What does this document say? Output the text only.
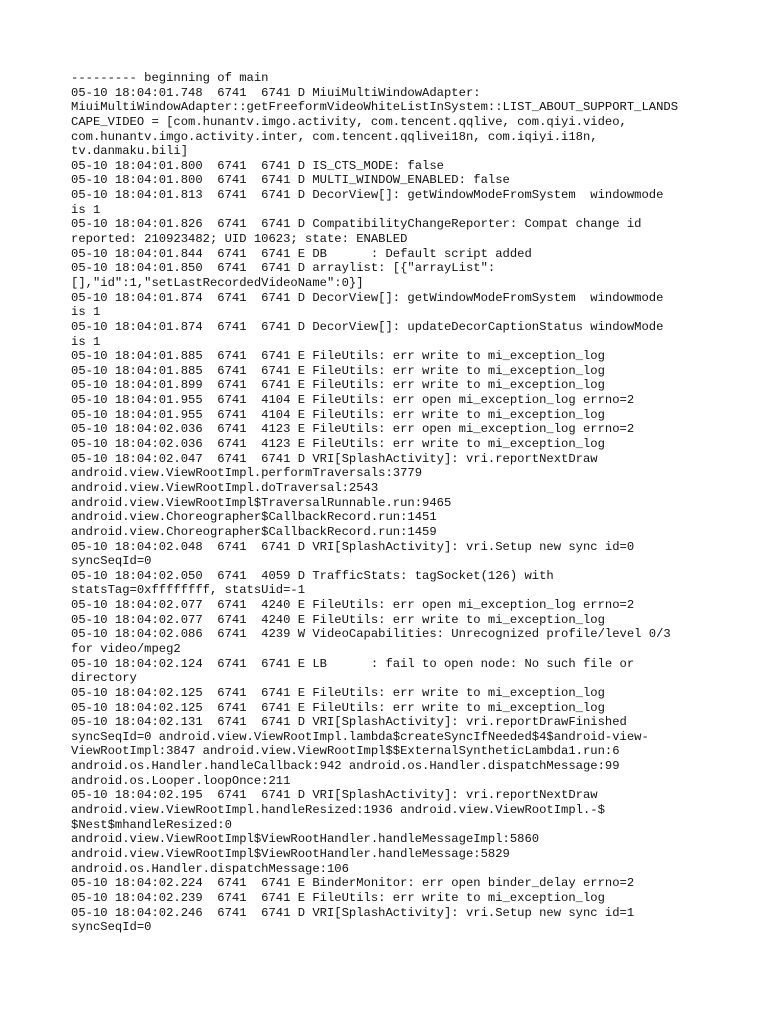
--------- beginning of main
05-10 18:04:01.748  6741  6741 D MiuiMultiWindowAdapter:
MiuiMultiWindowAdapter::getFreeformVideoWhiteListInSystem::LIST_ABOUT_SUPPORT_LANDS
CAPE_VIDEO = [com.hunantv.imgo.activity, com.tencent.qqlive, com.qiyi.video,
com.hunantv.imgo.activity.inter, com.tencent.qqlivei18n, com.iqiyi.i18n,
tv.danmaku.bili]
05-10 18:04:01.800  6741  6741 D IS_CTS_MODE: false
05-10 18:04:01.800  6741  6741 D MULTI_WINDOW_ENABLED: false
05-10 18:04:01.813  6741  6741 D DecorView[]: getWindowModeFromSystem  windowmode
is 1
05-10 18:04:01.826  6741  6741 D CompatibilityChangeReporter: Compat change id
reported: 210923482; UID 10623; state: ENABLED
05-10 18:04:01.844  6741  6741 E DB      : Default script added
05-10 18:04:01.850  6741  6741 D arraylist: [{"arrayList":
[],"id":1,"setLastRecordedVideoName":0}]
05-10 18:04:01.874  6741  6741 D DecorView[]: getWindowModeFromSystem  windowmode
is 1
05-10 18:04:01.874  6741  6741 D DecorView[]: updateDecorCaptionStatus windowMode
is 1
05-10 18:04:01.885  6741  6741 E FileUtils: err write to mi_exception_log
05-10 18:04:01.885  6741  6741 E FileUtils: err write to mi_exception_log
05-10 18:04:01.899  6741  6741 E FileUtils: err write to mi_exception_log
05-10 18:04:01.955  6741  4104 E FileUtils: err open mi_exception_log errno=2
05-10 18:04:01.955  6741  4104 E FileUtils: err write to mi_exception_log
05-10 18:04:02.036  6741  4123 E FileUtils: err open mi_exception_log errno=2
05-10 18:04:02.036  6741  4123 E FileUtils: err write to mi_exception_log
05-10 18:04:02.047  6741  6741 D VRI[SplashActivity]: vri.reportNextDraw
android.view.ViewRootImpl.performTraversals:3779
android.view.ViewRootImpl.doTraversal:2543
android.view.ViewRootImpl$TraversalRunnable.run:9465
android.view.Choreographer$CallbackRecord.run:1451
android.view.Choreographer$CallbackRecord.run:1459
05-10 18:04:02.048  6741  6741 D VRI[SplashActivity]: vri.Setup new sync id=0
syncSeqId=0
05-10 18:04:02.050  6741  4059 D TrafficStats: tagSocket(126) with
statsTag=0xffffffff, statsUid=-1
05-10 18:04:02.077  6741  4240 E FileUtils: err open mi_exception_log errno=2
05-10 18:04:02.077  6741  4240 E FileUtils: err write to mi_exception_log
05-10 18:04:02.086  6741  4239 W VideoCapabilities: Unrecognized profile/level 0/3
for video/mpeg2
05-10 18:04:02.124  6741  6741 E LB      : fail to open node: No such file or
directory
05-10 18:04:02.125  6741  6741 E FileUtils: err write to mi_exception_log
05-10 18:04:02.125  6741  6741 E FileUtils: err write to mi_exception_log
05-10 18:04:02.131  6741  6741 D VRI[SplashActivity]: vri.reportDrawFinished
syncSeqId=0 android.view.ViewRootImpl.lambda$createSyncIfNeeded$4$android-view-
ViewRootImpl:3847 android.view.ViewRootImpl$$ExternalSyntheticLambda1.run:6
android.os.Handler.handleCallback:942 android.os.Handler.dispatchMessage:99
android.os.Looper.loopOnce:211
05-10 18:04:02.195  6741  6741 D VRI[SplashActivity]: vri.reportNextDraw
android.view.ViewRootImpl.handleResized:1936 android.view.ViewRootImpl.-$
$Nest$mhandleResized:0
android.view.ViewRootImpl$ViewRootHandler.handleMessageImpl:5860
android.view.ViewRootImpl$ViewRootHandler.handleMessage:5829
android.os.Handler.dispatchMessage:106
05-10 18:04:02.224  6741  6741 E BinderMonitor: err open binder_delay errno=2
05-10 18:04:02.239  6741  6741 E FileUtils: err write to mi_exception_log
05-10 18:04:02.246  6741  6741 D VRI[SplashActivity]: vri.Setup new sync id=1
syncSeqId=0
